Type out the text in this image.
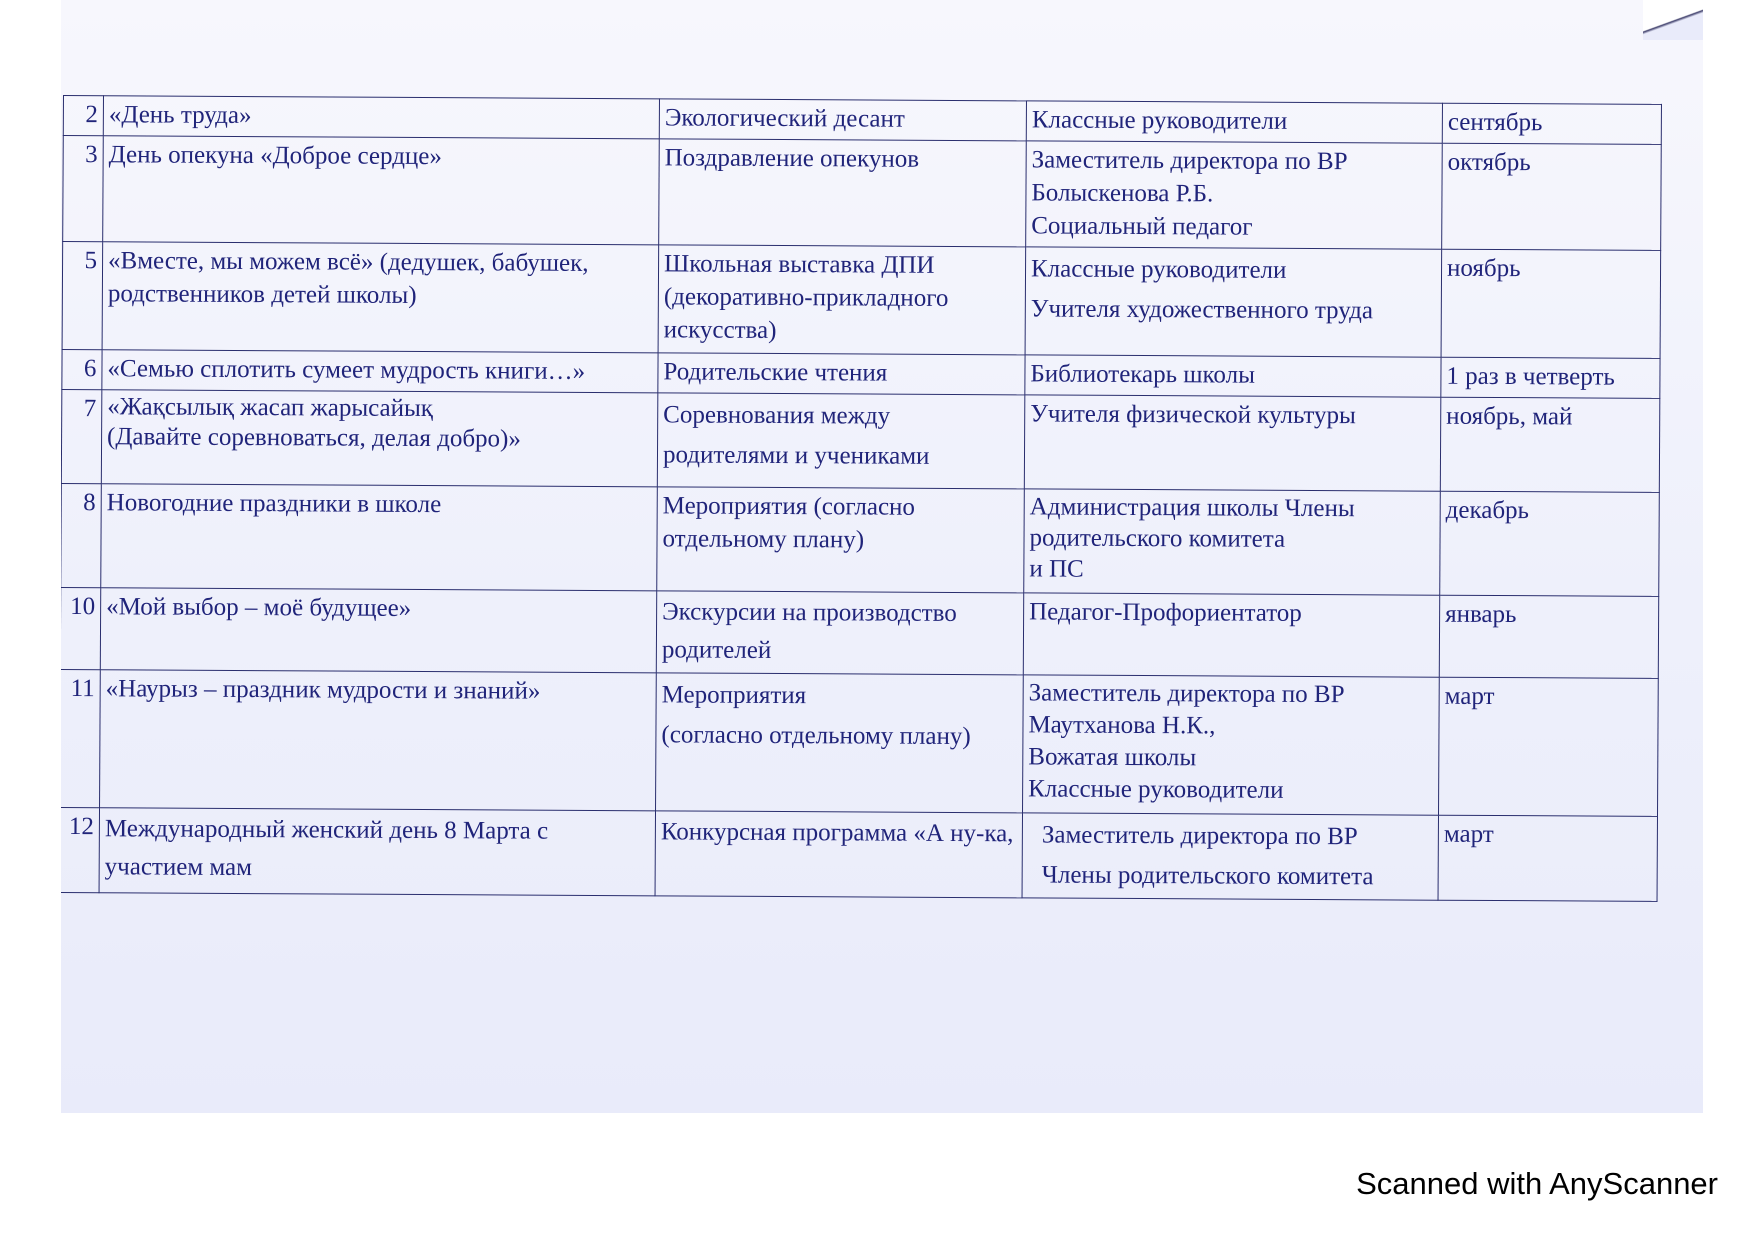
2	«День труда»	Экологический десант	Классные руководители	сентябрь
3	День опекуна «Доброе сердце»	Поздравление опекунов	Заместитель директора по ВР
Болыскенова Р.Б.
Социальный педагог	октябрь
5	«Вместе, мы можем всё» (дедушек, бабушек, родственников детей школы)	Школьная выставка ДПИ (декоративно-прикладного искусства)	Классные руководители
Учителя художественного труда	ноябрь
6	«Семью сплотить сумеет мудрость книги…»	Родительские чтения	Библиотекарь школы	1 раз в четверть
7	«Жақсылық жасап жарысайық
(Давайте соревноваться, делая добро)»	Соревнования между
родителями и учениками	Учителя физической культуры	ноябрь, май
8	Новогодние праздники в школе	Мероприятия (согласно отдельному плану)	Администрация школы Члены родительского комитета
и ПС	декабрь
10	«Мой выбор – моё будущее»	Экскурсии на производство
родителей	Педагог-Профориентатор	январь
11	«Наурыз – праздник мудрости и знаний»	Мероприятия
(согласно отдельному плану)	Заместитель директора по ВР
Маутханова Н.К.,
Вожатая школы
Классные руководители	март
12	Международный женский день 8 Марта с участием мам	Конкурсная программа «А ну-ка,	Заместитель директора по ВР
Члены родительского комитета	март
Scanned with AnyScanner
